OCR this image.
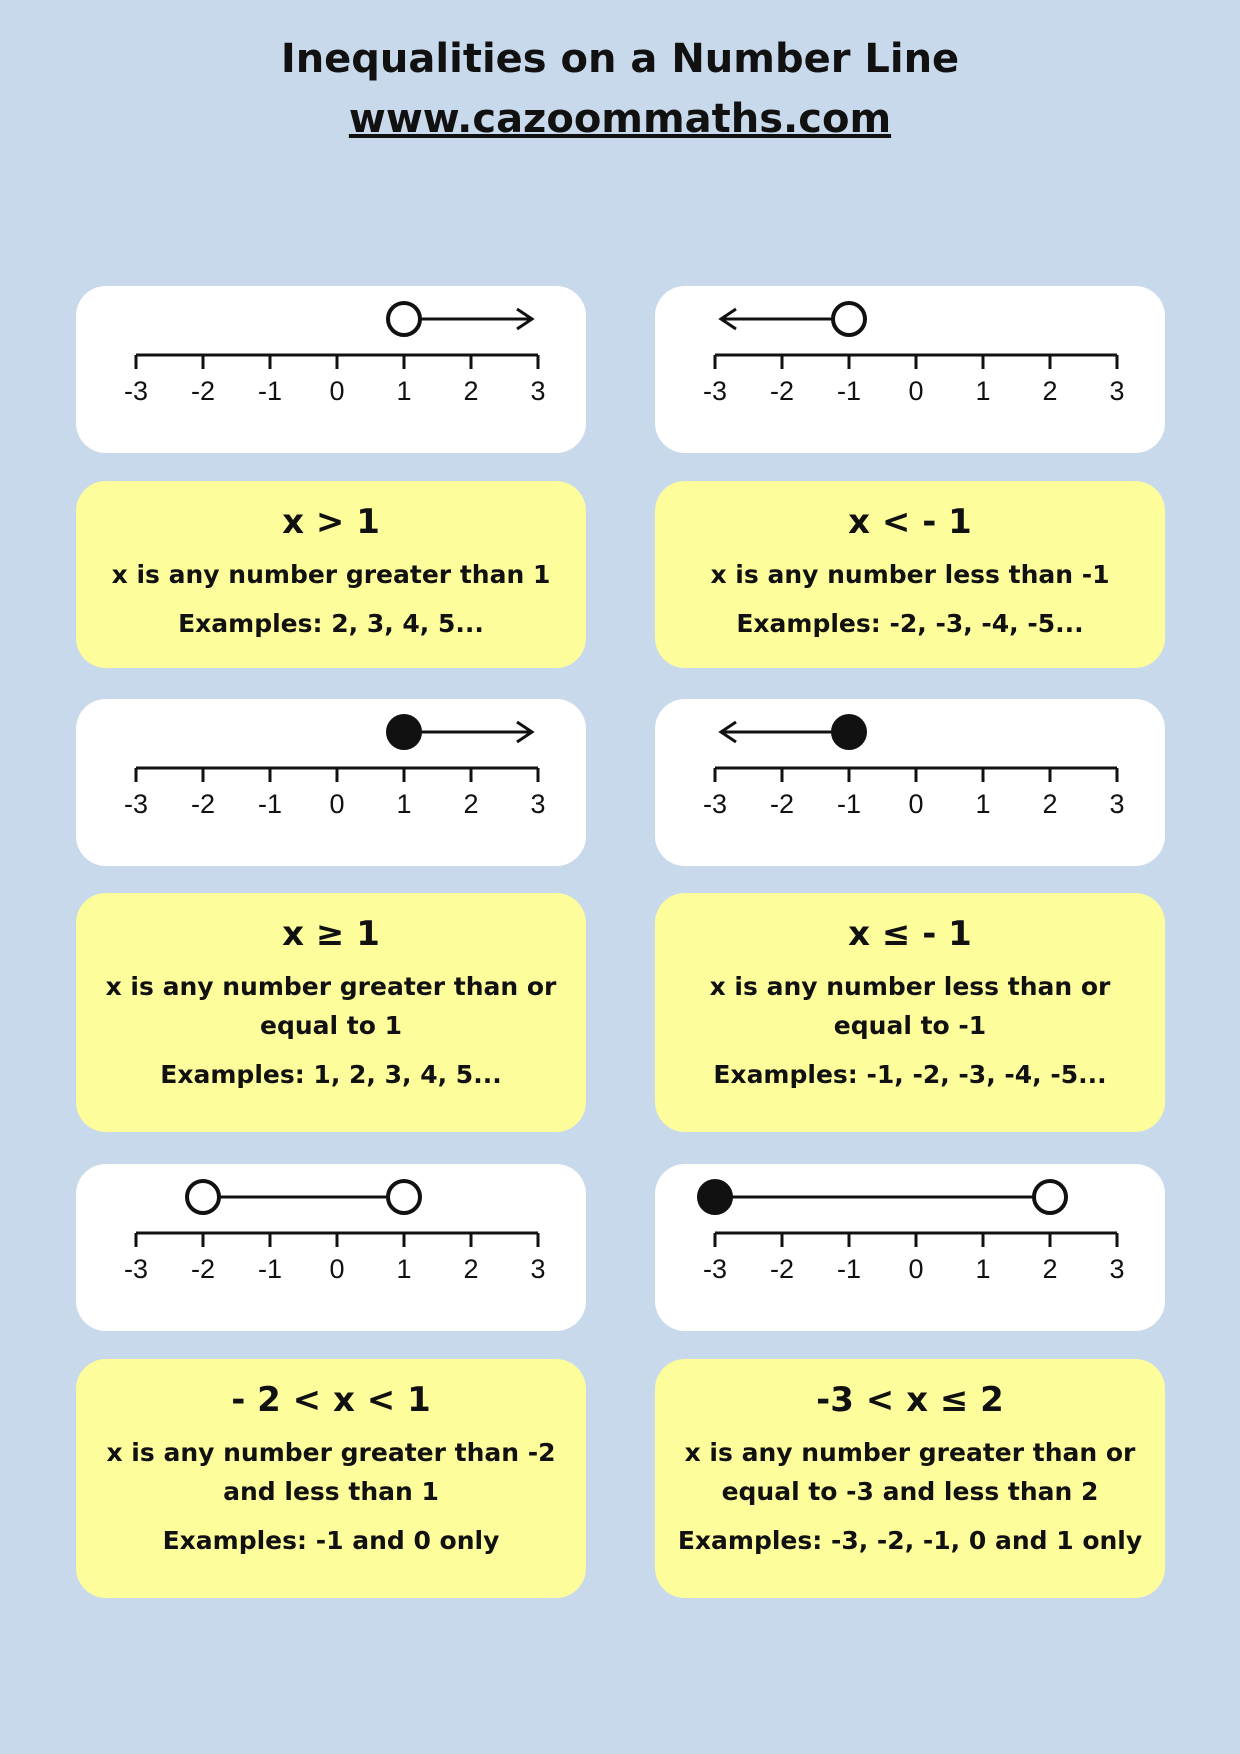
Inequalities on a Number Line
www.cazoommaths.com
-3 -2 -1 0 1 2 3	-3 -2 -1 0 1 2 3
x > 1
x is any number greater than 1
Examples: 2, 3, 4, 5...
x < - 1
x is any number less than -1
Examples: -2, -3, -4, -5...
-3 -2 -1 0 1 2 3	-3 -2 -1 0 1 2 3
x ≥ 1
x is any number greater than or equal to 1
Examples: 1, 2, 3, 4, 5...
x ≤ - 1
x is any number less than or equal to -1
Examples: -1, -2, -3, -4, -5...
-3 -2 -1 0 1 2 3	-3 -2 -1 0 1 2 3
- 2 < x < 1
x is any number greater than -2 and less than 1
Examples: -1 and 0 only
-3 < x ≤ 2
x is any number greater than or equal to -3 and less than 2
Examples: -3, -2, -1, 0 and 1 only
